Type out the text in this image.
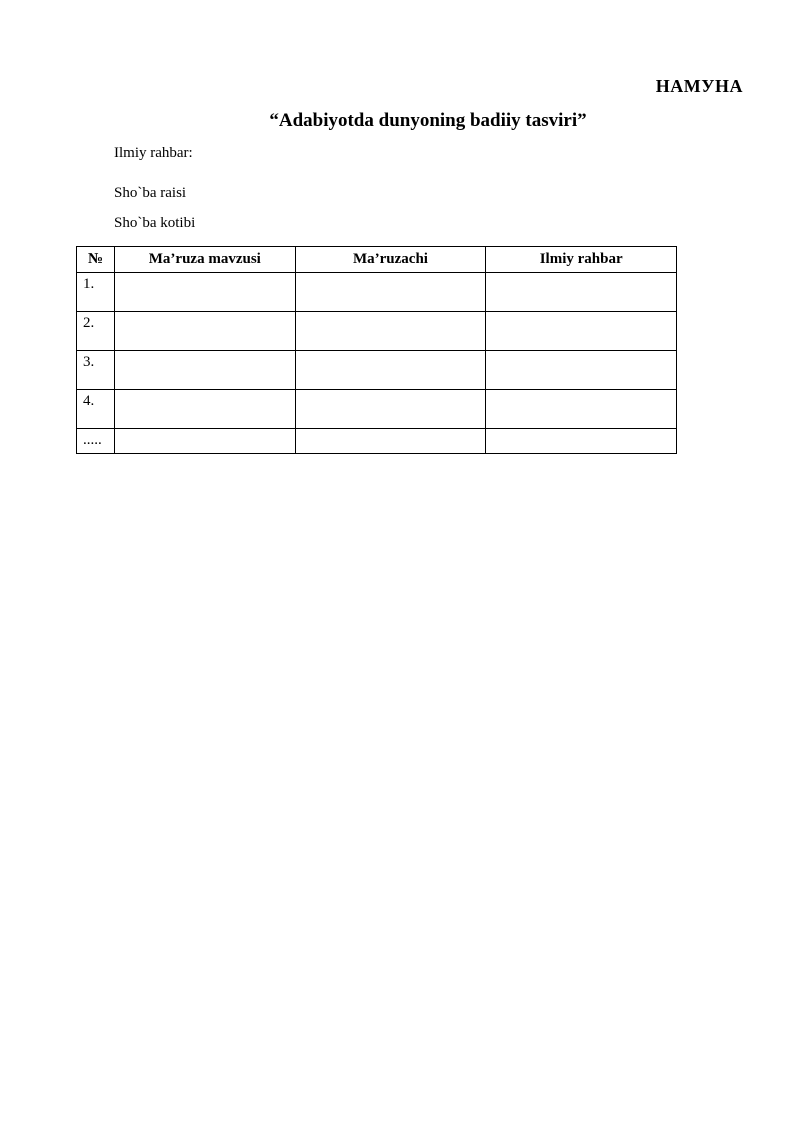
НАМУНА
“Adabiyotda dunyoning badiiy tasviri”
Ilmiy rahbar:
Sho`ba raisi
Sho`ba kotibi
№	Ma’ruza mavzusi	Ma’ruzachi	Ilmiy rahbar
1.			
2.			
3.			
4.			
.....			
